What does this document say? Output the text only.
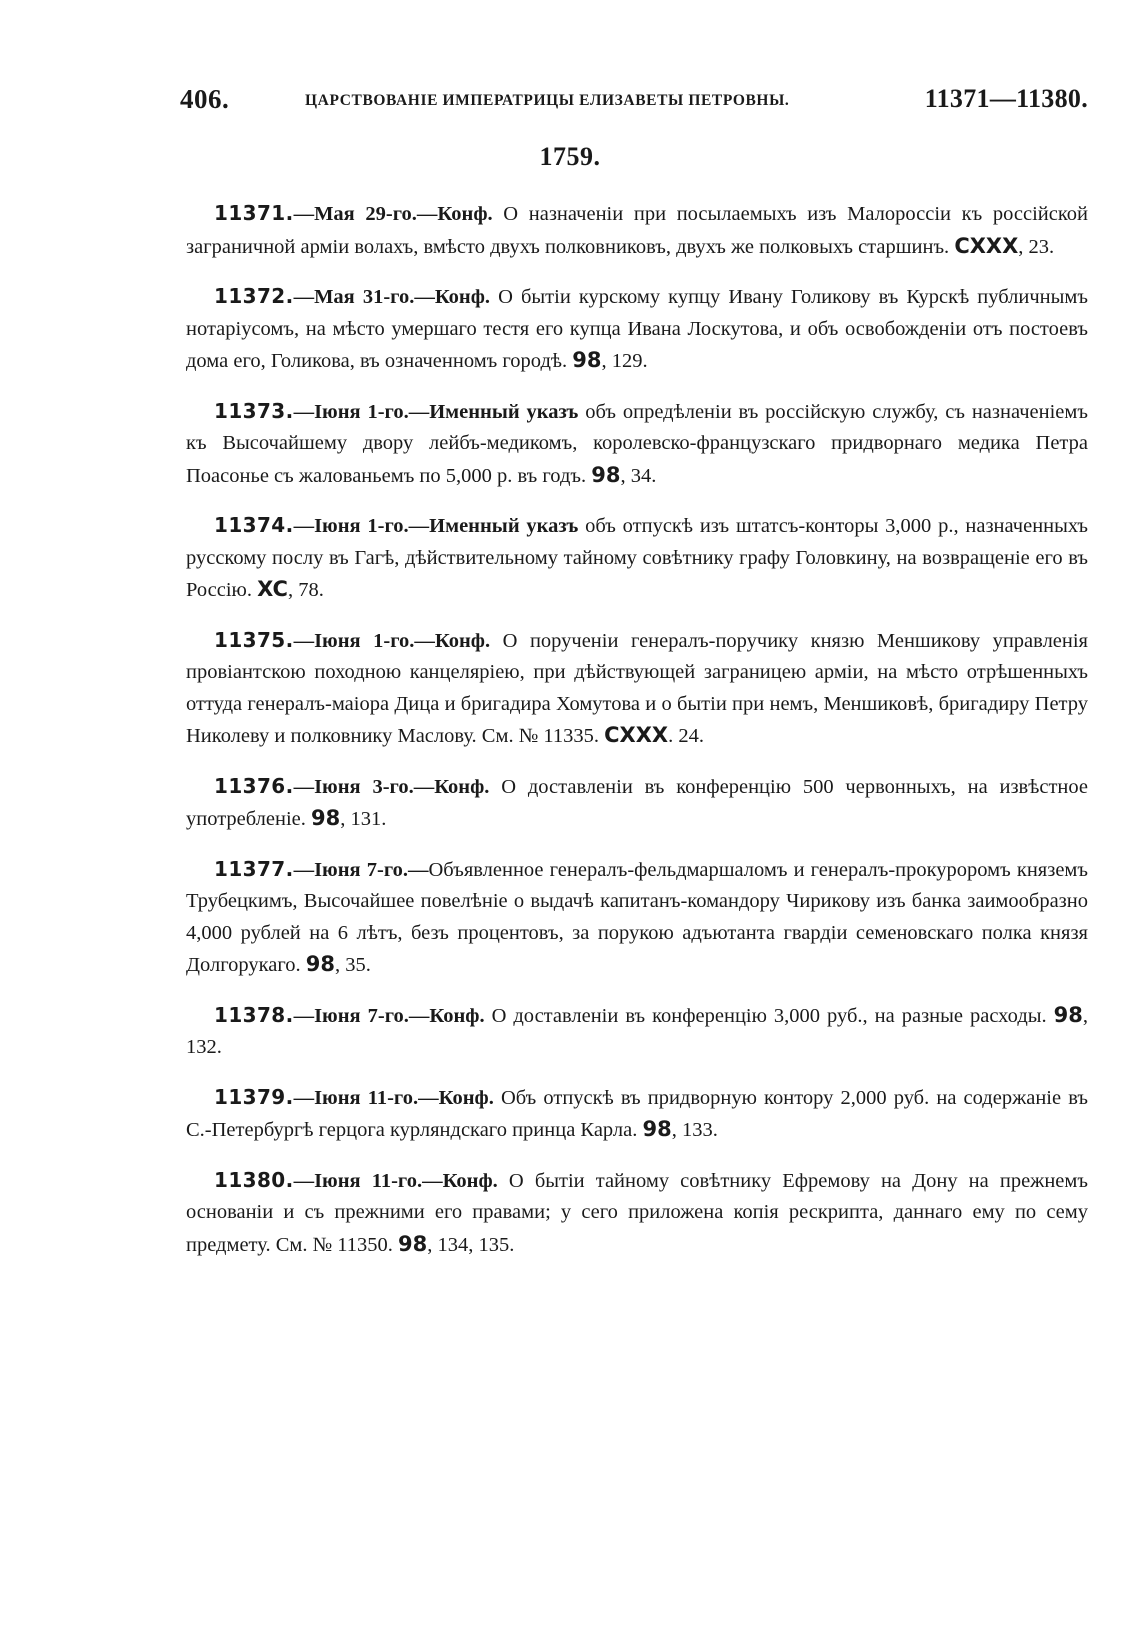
406.	ЦАРСТВОВАНІЕ ИМПЕРАТРИЦЫ ЕЛИЗАВЕТЫ ПЕТРОВНЫ.	11371—11380.
1759.

11371.—Мая 29-го.—Конф. О назначеніи при посылаемыхъ изъ Малороссіи къ россійской заграничной арміи волахъ, вмѣсто двухъ полковниковъ, двухъ же полковыхъ старшинъ. CXXX, 23.

11372.—Мая 31-го.—Конф. О бытіи курскому купцу Ивану Голикову въ Курскѣ публичнымъ нотаріусомъ, на мѣсто умершаго тестя его купца Ивана Лоскутова, и объ освобожденіи отъ постоевъ дома его, Голикова, въ означенномъ городѣ. 98, 129.

11373.—Іюня 1-го.—Именный указъ объ опредѣленіи въ россійскую службу, съ назначеніемъ къ Высочайшему двору лейбъ-медикомъ, королевско-французскаго придворнаго медика Петра Поасонье съ жалованьемъ по 5,000 р. въ годъ. 98, 34.

11374.—Іюня 1-го.—Именный указъ объ отпускѣ изъ штатсъ-конторы 3,000 р., назначенныхъ русскому послу въ Гагѣ, дѣйствительному тайному совѣтнику графу Головкину, на возвращеніе его въ Россію. XC, 78.

11375.—Іюня 1-го.—Конф. О порученіи генералъ-поручику князю Меншикову управленія провіантскою походною канцеляріею, при дѣйствующей заграницею арміи, на мѣсто отрѣшенныхъ оттуда генералъ-маіора Дица и бригадира Хомутова и о бытіи при немъ, Меншиковѣ, бригадиру Петру Николеву и полковнику Маслову. См. № 11335. CXXX. 24.

11376.—Іюня 3-го.—Конф. О доставленіи въ конференцію 500 червонныхъ, на извѣстное употребленіе. 98, 131.

11377.—Іюня 7-го.—Объявленное генералъ-фельдмаршаломъ и генералъ-прокуроромъ княземъ Трубецкимъ, Высочайшее повелѣніе о выдачѣ капитанъ-командору Чирикову изъ банка заимообразно 4,000 рублей на 6 лѣтъ, безъ процентовъ, за порукою адъютанта гвардіи семеновскаго полка князя Долгорукаго. 98, 35.

11378.—Іюня 7-го.—Конф. О доставленіи въ конференцію 3,000 руб., на разные расходы. 98, 132.

11379.—Іюня 11-го.—Конф. Объ отпускѣ въ придворную контору 2,000 руб. на содержаніе въ С.-Петербургѣ герцога курляндскаго принца Карла. 98, 133.

11380.—Іюня 11-го.—Конф. О бытіи тайному совѣтнику Ефремову на Дону на прежнемъ основаніи и съ прежними его правами; у сего приложена копія рескрипта, даннаго ему по сему предмету. См. № 11350. 98, 134, 135.
